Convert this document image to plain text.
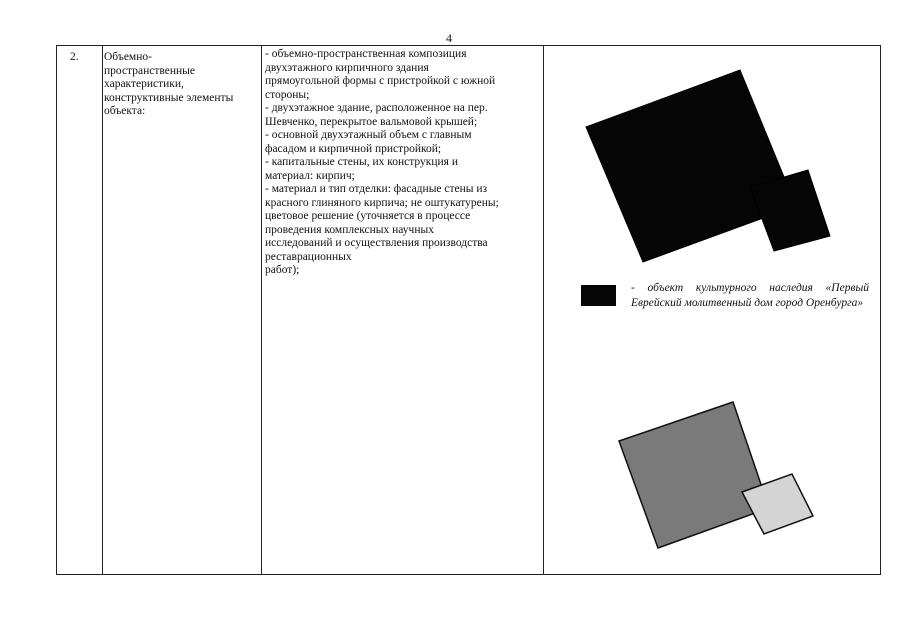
4
2. Объемно-
пространственные
характеристики,
конструктивные элементы
объекта:
- объемно-пространственная композиция
двухэтажного кирпичного здания
прямоугольной формы с пристройкой с южной
стороны;
- двухэтажное здание, расположенное на пер.
Шевченко, перекрытое вальмовой крышей;
- основной двухэтажный объем с главным
фасадом и кирпичной пристройкой;
- капитальные стены, их конструкция и
материал: кирпич;
- материал и тип отделки: фасадные стены из
красного глиняного кирпича; не оштукатурены;
цветовое решение (уточняется в процессе
проведения комплексных научных
исследований и осуществления производства
реставрационных
работ);
- объект культурного наследия «Первый Еврейский молитвенный дом город Оренбурга»
